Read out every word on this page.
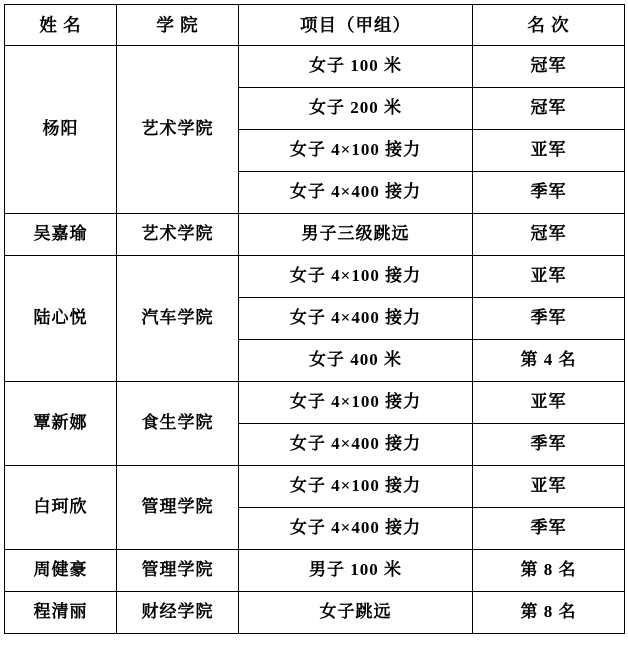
姓 名	学 院	项目（甲组）	名 次
杨阳	艺术学院	女子 100 米	冠军
		女子 200 米	冠军
		女子 4×100 接力	亚军
		女子 4×400 接力	季军
吴嘉瑜	艺术学院	男子三级跳远	冠军
陆心悦	汽车学院	女子 4×100 接力	亚军
		女子 4×400 接力	季军
		女子 400 米	第 4 名
覃新娜	食生学院	女子 4×100 接力	亚军
		女子 4×400 接力	季军
白珂欣	管理学院	女子 4×100 接力	亚军
		女子 4×400 接力	季军
周健豪	管理学院	男子 100 米	第 8 名
程清丽	财经学院	女子跳远	第 8 名
